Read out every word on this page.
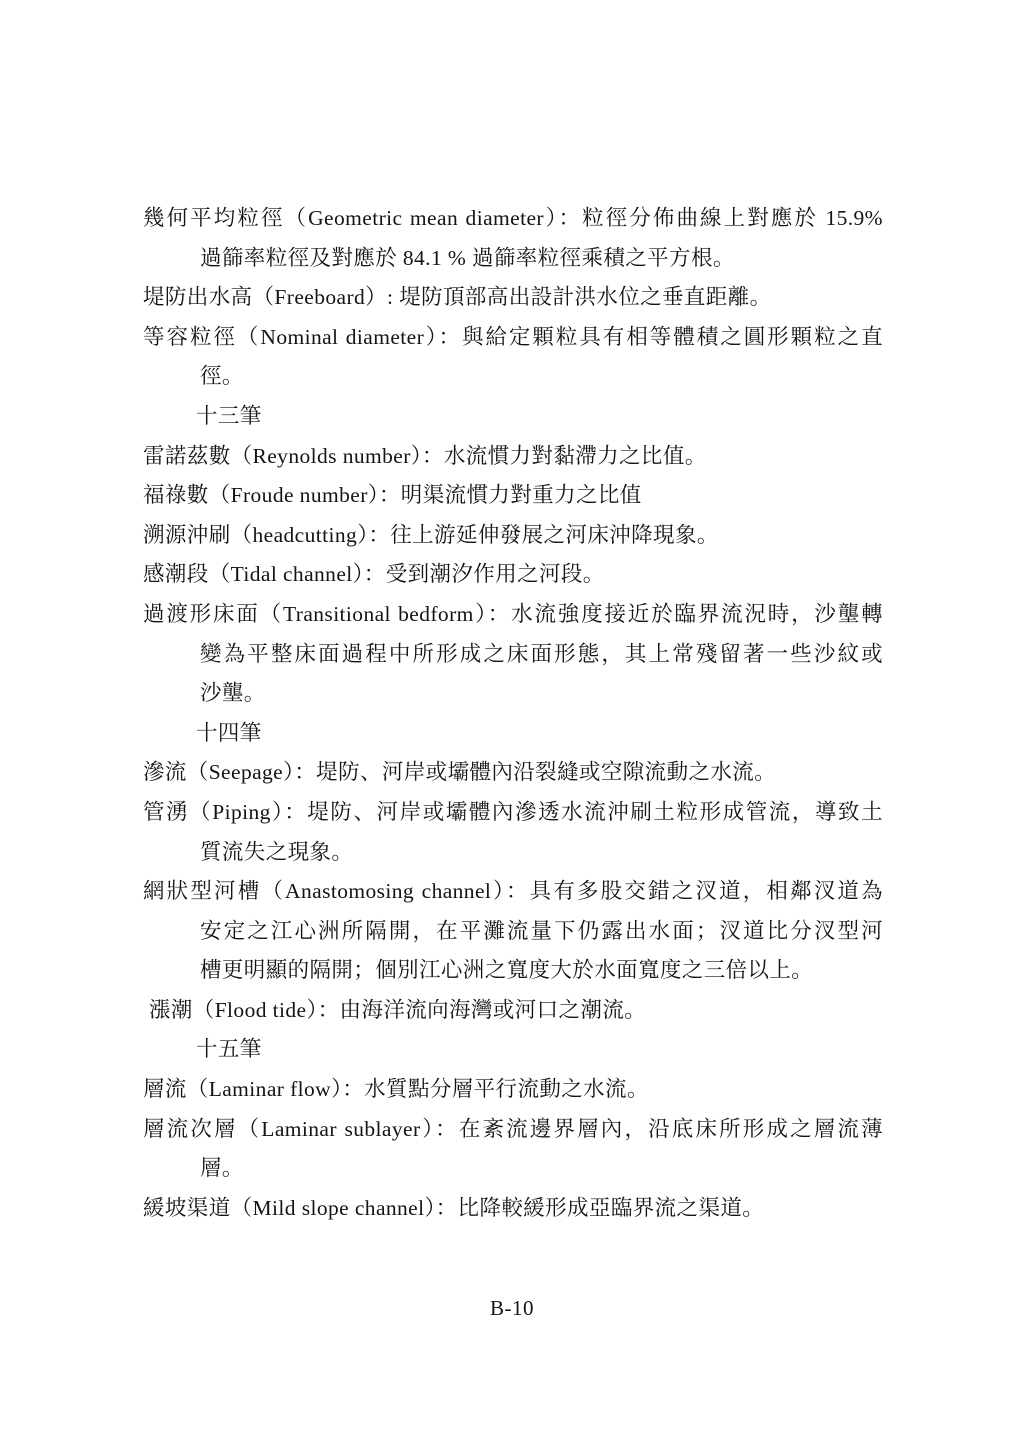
幾何平均粒徑（Geometric mean diameter）：粒徑分佈曲線上對應於 15.9%
過篩率粒徑及對應於 84.1 % 過篩率粒徑乘積之平方根。
堤防出水高（Freeboard）: 堤防頂部高出設計洪水位之垂直距離。
等容粒徑（Nominal diameter）：與給定顆粒具有相等體積之圓形顆粒之直
徑。
十三筆
雷諾茲數（Reynolds number）：水流慣力對黏滯力之比值。
福祿數（Froude number）：明渠流慣力對重力之比值
溯源沖刷（headcutting）：往上游延伸發展之河床沖降現象。
感潮段（Tidal channel）：受到潮汐作用之河段。
過渡形床面（Transitional bedform）：水流強度接近於臨界流況時，沙壟轉
變為平整床面過程中所形成之床面形態，其上常殘留著一些沙紋或
沙壟。
十四筆
滲流（Seepage）：堤防、河岸或壩體內沿裂縫或空隙流動之水流。
管湧（Piping）：堤防、河岸或壩體內滲透水流沖刷土粒形成管流，導致土
質流失之現象。
網狀型河槽（Anastomosing channel）：具有多股交錯之汊道，相鄰汊道為
安定之江心洲所隔開，在平灘流量下仍露出水面；汊道比分汊型河
槽更明顯的隔開；個別江心洲之寬度大於水面寬度之三倍以上。
漲潮（Flood tide）：由海洋流向海灣或河口之潮流。
十五筆
層流（Laminar flow）：水質點分層平行流動之水流。
層流次層（Laminar sublayer）：在紊流邊界層內，沿底床所形成之層流薄
層。
緩坡渠道（Mild slope channel）：比降較緩形成亞臨界流之渠道。
B-10
